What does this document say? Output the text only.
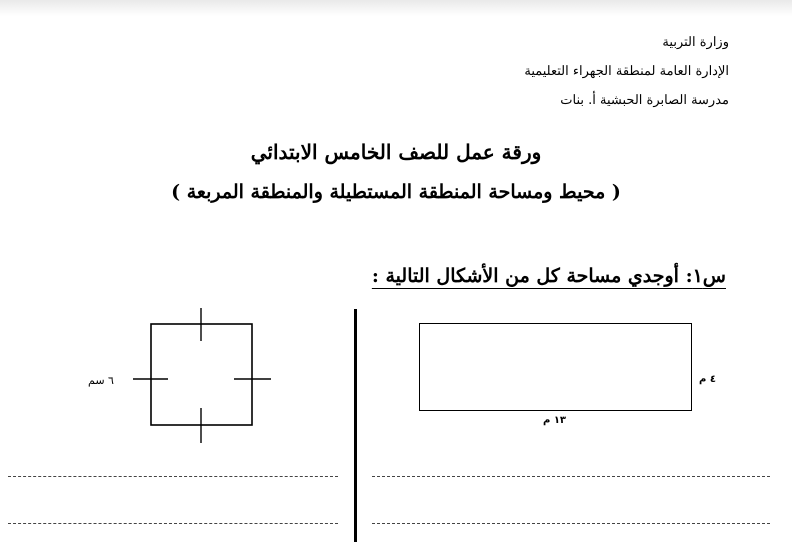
وزارة التربية
الإدارة العامة لمنطقة الجهراء التعليمية
مدرسة الصابرة الحبشية أ. بنات
ورقة عمل للصف الخامس الابتدائي
( محيط ومساحة المنطقة المستطيلة والمنطقة المربعة )
س١: أوجدي مساحة كل من الأشكال التالية :
٤ م
١٣ م
٦ سم
